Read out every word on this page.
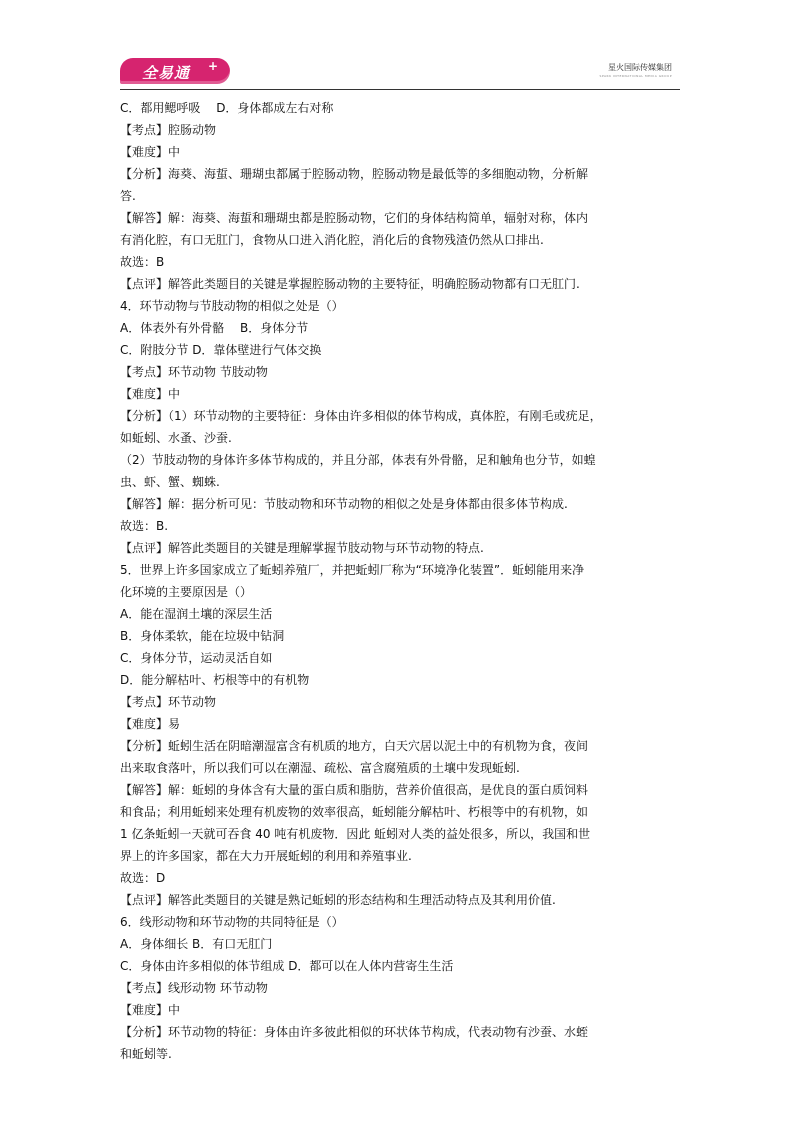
全易通 +	星火国际传媒集团
SPARK INTERNATIONAL MEDIA GROUP
C．都用鳃呼吸　 D．身体都成左右对称
【考点】腔肠动物
【难度】中
【分析】海葵、海蜇、珊瑚虫都属于腔肠动物，腔肠动物是最低等的多细胞动物，分析解
答.
【解答】解：海葵、海蜇和珊瑚虫都是腔肠动物，它们的身体结构简单，辐射对称，体内
有消化腔，有口无肛门，食物从口进入消化腔，消化后的食物残渣仍然从口排出.
故选：B
【点评】解答此类题目的关键是掌握腔肠动物的主要特征，明确腔肠动物都有口无肛门.
4．环节动物与节肢动物的相似之处是（）
A．体表外有外骨骼　 B．身体分节
C．附肢分节 D．靠体壁进行气体交换
【考点】环节动物 节肢动物
【难度】中
【分析】（1）环节动物的主要特征：身体由许多相似的体节构成，真体腔，有刚毛或疣足，
如蚯蚓、水蚤、沙蚕.
（2）节肢动物的身体许多体节构成的，并且分部，体表有外骨骼，足和触角也分节，如蝗
虫、虾、蟹、蜘蛛.
【解答】解：据分析可见：节肢动物和环节动物的相似之处是身体都由很多体节构成.
故选：B.
【点评】解答此类题目的关键是理解掌握节肢动物与环节动物的特点.
5．世界上许多国家成立了蚯蚓养殖厂，并把蚯蚓厂称为“环境净化装置”．蚯蚓能用来净
化环境的主要原因是（）
A．能在湿润土壤的深层生活
B．身体柔软，能在垃圾中钻洞
C．身体分节，运动灵活自如
D．能分解枯叶、朽根等中的有机物
【考点】环节动物
【难度】易
【分析】蚯蚓生活在阴暗潮湿富含有机质的地方，白天穴居以泥土中的有机物为食，夜间
出来取食落叶，所以我们可以在潮湿、疏松、富含腐殖质的土壤中发现蚯蚓.
【解答】解：蚯蚓的身体含有大量的蛋白质和脂肪，营养价值很高，是优良的蛋白质饲料
和食品；利用蚯蚓来处理有机废物的效率很高，蚯蚓能分解枯叶、朽根等中的有机物，如
1 亿条蚯蚓一天就可吞食 40 吨有机废物．因此 蚯蚓对人类的益处很多，所以，我国和世
界上的许多国家，都在大力开展蚯蚓的利用和养殖事业.
故选：D
【点评】解答此类题目的关键是熟记蚯蚓的形态结构和生理活动特点及其利用价值.
6．线形动物和环节动物的共同特征是（）
A．身体细长 B．有口无肛门
C．身体由许多相似的体节组成 D．都可以在人体内营寄生生活
【考点】线形动物 环节动物
【难度】中
【分析】环节动物的特征：身体由许多彼此相似的环状体节构成，代表动物有沙蚕、水蛭
和蚯蚓等.
